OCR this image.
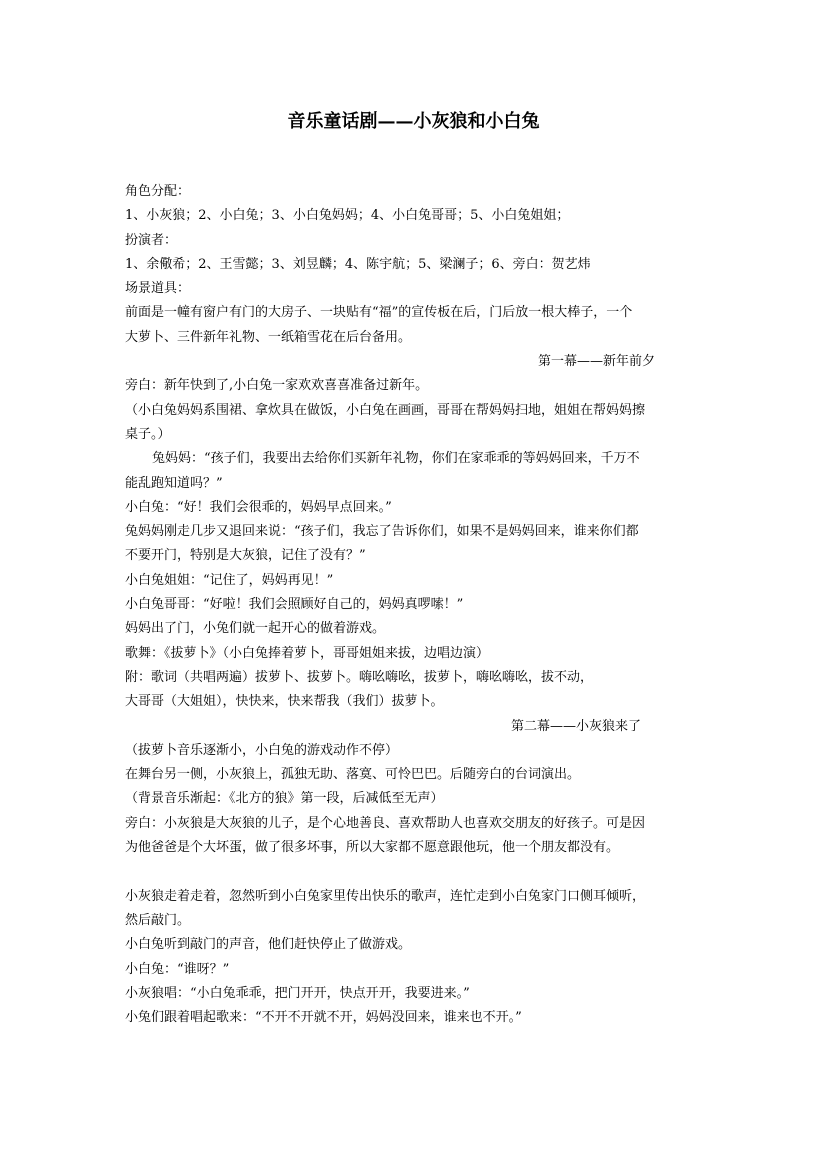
音乐童话剧——小灰狼和小白兔

角色分配：

1、小灰狼；2、小白兔；3、小白兔妈妈；4、小白兔哥哥；5、小白兔姐姐；

扮演者：

1、余儆希；2、王雪懿；3、刘昱麟；4、陈宇航；5、梁澜子；6、旁白：贺艺炜

场景道具：

前面是一幢有窗户有门的大房子、一块贴有“福”的宣传板在后，门后放一根大棒子，一个

大萝卜、三件新年礼物、一纸箱雪花在后台备用。

第一幕——新年前夕

旁白：新年快到了,小白兔一家欢欢喜喜准备过新年。

（小白兔妈妈系围裙、拿炊具在做饭，小白兔在画画，哥哥在帮妈妈扫地，姐姐在帮妈妈擦

桌子。）

兔妈妈：“孩子们，我要出去给你们买新年礼物，你们在家乖乖的等妈妈回来，千万不

能乱跑知道吗？”

小白兔：“好！我们会很乖的，妈妈早点回来。”

兔妈妈刚走几步又退回来说：“孩子们，我忘了告诉你们，如果不是妈妈回来，谁来你们都

不要开门，特别是大灰狼，记住了没有？”

小白兔姐姐：“记住了，妈妈再见！”

小白兔哥哥：“好啦！我们会照顾好自己的，妈妈真啰嗦！”

妈妈出了门，小兔们就一起开心的做着游戏。

歌舞：《拔萝卜》（小白兔捧着萝卜，哥哥姐姐来拔，边唱边演）

附：歌词（共唱两遍）拔萝卜、拔萝卜。嗨吆嗨吆，拔萝卜，嗨吆嗨吆，拔不动，

大哥哥（大姐姐），快快来，快来帮我（我们）拔萝卜。

第二幕——小灰狼来了

（拔萝卜音乐逐渐小，小白兔的游戏动作不停）

在舞台另一侧，小灰狼上，孤独无助、落寞、可怜巴巴。后随旁白的台词演出。

（背景音乐渐起：《北方的狼》第一段，后减低至无声）

旁白：小灰狼是大灰狼的儿子，是个心地善良、喜欢帮助人也喜欢交朋友的好孩子。可是因

为他爸爸是个大坏蛋，做了很多坏事，所以大家都不愿意跟他玩，他一个朋友都没有。

小灰狼走着走着，忽然听到小白兔家里传出快乐的歌声，连忙走到小白兔家门口侧耳倾听，

然后敲门。

小白兔听到敲门的声音，他们赶快停止了做游戏。

小白兔：“谁呀？”

小灰狼唱：“小白兔乖乖，把门开开，快点开开，我要进来。”

小兔们跟着唱起歌来：“不开不开就不开，妈妈没回来，谁来也不开。”
